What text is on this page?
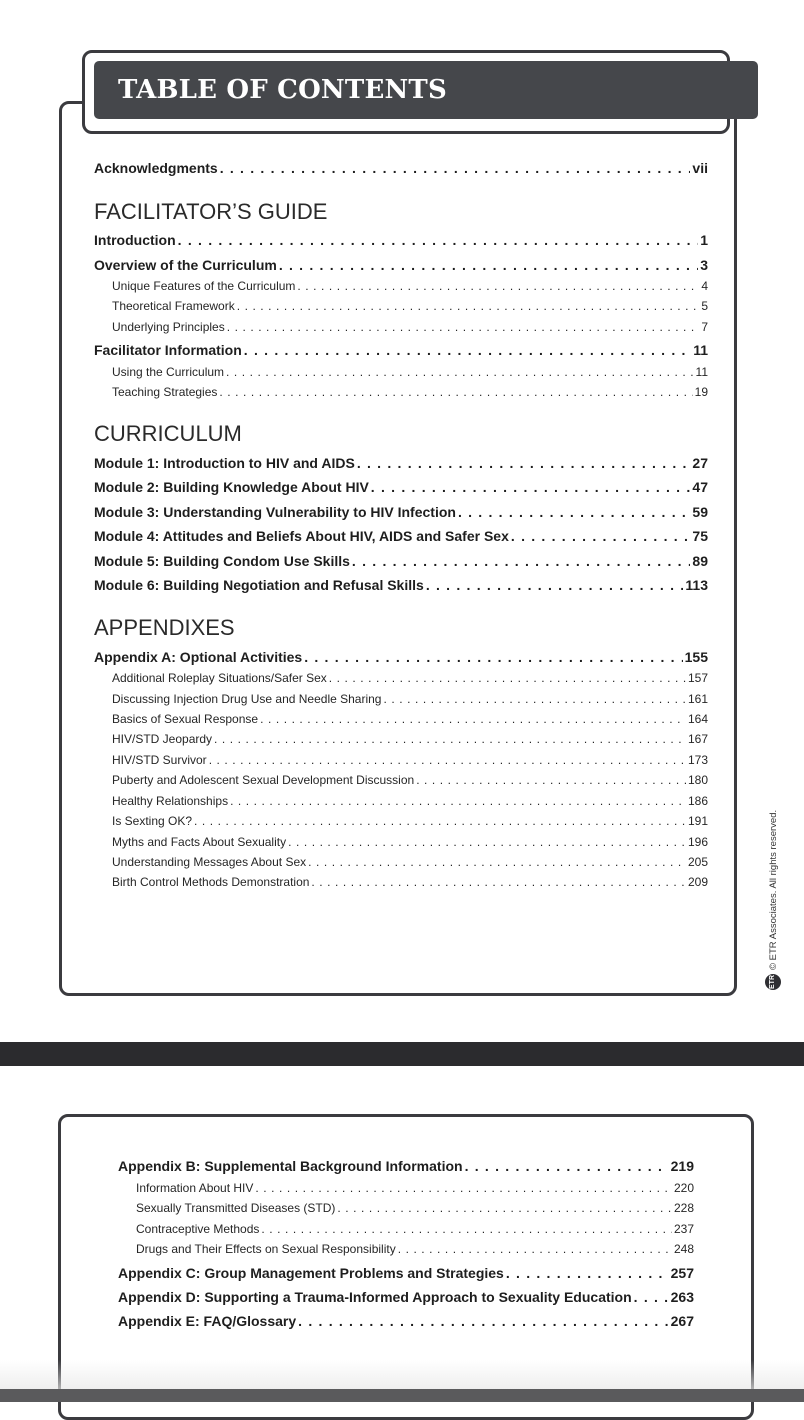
TABLE OF CONTENTS
Acknowledgments . . .	vii
FACILITATOR’S GUIDE
Introduction . . .	1
Overview of the Curriculum . . .	3
Unique Features of the Curriculum . . .	4
Theoretical Framework . . .	5
Underlying Principles . . .	7
Facilitator Information . . .	11
Using the Curriculum . . .	11
Teaching Strategies . . .	19
CURRICULUM
Module 1: Introduction to HIV and AIDS . . .	27
Module 2: Building Knowledge About HIV . . .	47
Module 3: Understanding Vulnerability to HIV Infection . . .	59
Module 4: Attitudes and Beliefs About HIV, AIDS and Safer Sex . . .	75
Module 5: Building Condom Use Skills . . .	89
Module 6: Building Negotiation and Refusal Skills . . .	113
APPENDIXES
Appendix A: Optional Activities . . .	155
Additional Roleplay Situations/Safer Sex . . .	157
Discussing Injection Drug Use and Needle Sharing . . .	161
Basics of Sexual Response . . .	164
HIV/STD Jeopardy . . .	167
HIV/STD Survivor . . .	173
Puberty and Adolescent Sexual Development Discussion . . .	180
Healthy Relationships . . .	186
Is Sexting OK? . . .	191
Myths and Facts About Sexuality . . .	196
Understanding Messages About Sex . . .	205
Birth Control Methods Demonstration . . .	209
ETR
© ETR Associates. All rights reserved.
Appendix B: Supplemental Background Information . . .	219
Information About HIV . . .	220
Sexually Transmitted Diseases (STD) . . .	228
Contraceptive Methods . . .	237
Drugs and Their Effects on Sexual Responsibility . . .	248
Appendix C: Group Management Problems and Strategies . . .	257
Appendix D: Supporting a Trauma-Informed Approach to Sexuality Education . . .	263
Appendix E: FAQ/Glossary . . .	267
